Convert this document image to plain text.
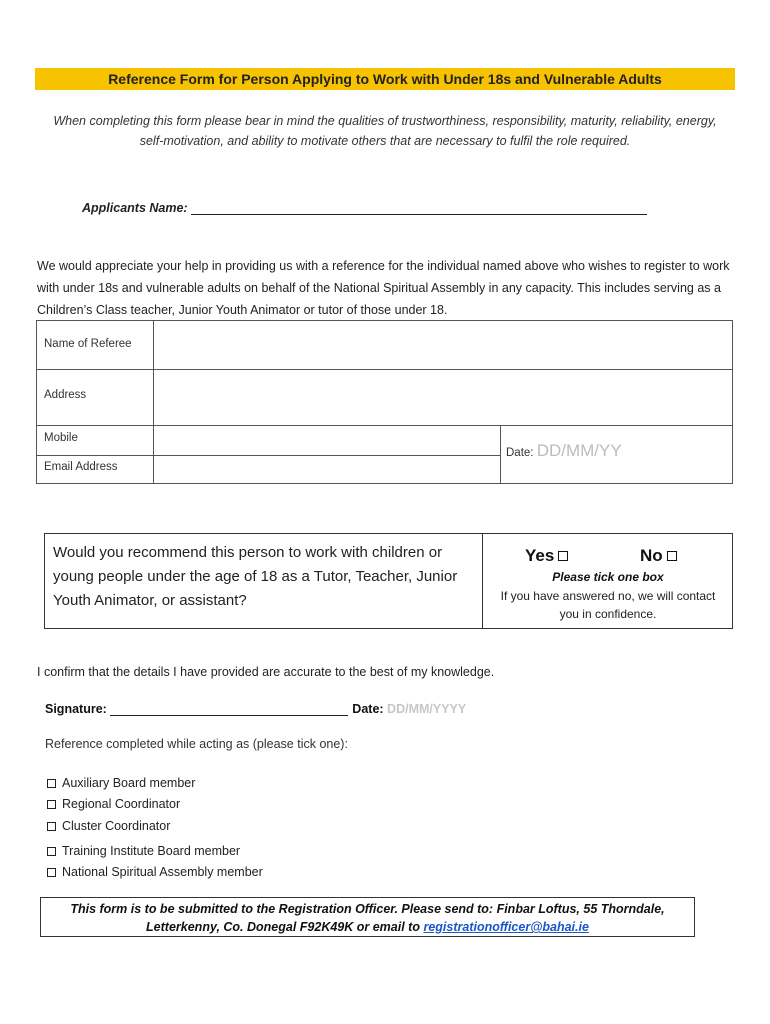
Reference Form for Person Applying to Work with Under 18s and Vulnerable Adults
When completing this form please bear in mind the qualities of trustworthiness, responsibility, maturity, reliability, energy, self-motivation, and ability to motivate others that are necessary to fulfil the role required.
Applicants Name:
We would appreciate your help in providing us with a reference for the individual named above who wishes to register to work with under 18s and vulnerable adults on behalf of the National Spiritual Assembly in any capacity. This includes serving as a Children’s Class teacher, Junior Youth Animator or tutor of those under 18.
Name of Referee
Address
Mobile
Email Address
Date: DD/MM/YY
Would you recommend this person to work with children or young people under the age of 18 as a Tutor, Teacher, Junior Youth Animator, or assistant?
Yes	No
Please tick one box
If you have answered no, we will contact you in confidence.
I confirm that the details I have provided are accurate to the best of my knowledge.
Signature:	Date: DD/MM/YYYY
Reference completed while acting as (please tick one):
Auxiliary Board member
Regional Coordinator
Cluster Coordinator
Training Institute Board member
National Spiritual Assembly member
This form is to be submitted to the Registration Officer. Please send to: Finbar Loftus, 55 Thorndale, Letterkenny, Co. Donegal F92K49K or email to registrationofficer@bahai.ie
